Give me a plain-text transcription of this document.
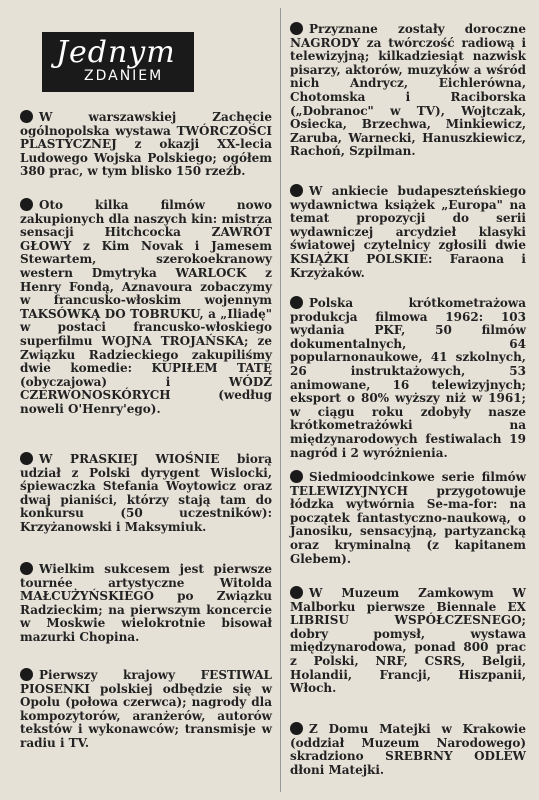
Jednym
ZDANIEM
W warszawskiej Zachęcie ogólnopolska wystawa TWÓRCZOŚCI PLASTYCZNEJ z okazji XX-lecia Ludowego Wojska Polskiego; ogółem 380 prac, w tym blisko 150 rzeźb.
Oto kilka filmów nowo zakupionych dla naszych kin: mistrza sensacji Hitchcocka ZAWRÓT GŁOWY z Kim Novak i Jamesem Stewartem, szerokoekranowy western Dmytryka WARLOCK z Henry Fondą, Aznavoura zobaczymy w francusko-włoskim wojennym TAKSÓWKĄ DO TOBRUKU, a „Iliadę" w postaci francusko-włoskiego superfilmu WOJNA TROJAŃSKA; ze Związku Radzieckiego zakupiliśmy dwie komedie: KUPIŁEM TATĘ (obyczajowa) i WÓDZ CZERWONOSKÓRYCH (według noweli O'Henry'ego).
W PRASKIEJ WIOŚNIE biorą udział z Polski dyrygent Wislocki, śpiewaczka Stefania Woytowicz oraz dwaj pianiści, którzy stają tam do konkursu (50 uczestników): Krzyżanowski i Maksymiuk.
Wielkim sukcesem jest pierwsze tournée artystyczne Witolda MAŁCUŻYŃSKIEGO po Związku Radzieckim; na pierwszym koncercie w Moskwie wielokrotnie bisował mazurki Chopina.
Pierwszy krajowy FESTIWAL PIOSENKI polskiej odbędzie się w Opolu (połowa czerwca); nagrody dla kompozytorów, aranżerów, autorów tekstów i wykonawców; transmisje w radiu i TV.
Przyznane zostały doroczne NAGRODY za twórczość radiową i telewizyjną; kilkadziesiąt nazwisk pisarzy, aktorów, muzyków a wśród nich Andrycz, Eichlerówna, Chotomska i Raciborska („Dobranoc" w TV), Wojtczak, Osiecka, Brzechwa, Minkiewicz, Zaruba, Warnecki, Hanuszkiewicz, Rachoń, Szpilman.
W ankiecie budapeszteńskiego wydawnictwa książek „Europa" na temat propozycji do serii wydawniczej arcydzieł klasyki światowej czytelnicy zgłosili dwie KSIĄŻKI POLSKIE: Faraona i Krzyżaków.
Polska krótkometrażowa produkcja filmowa 1962: 103 wydania PKF, 50 filmów dokumentalnych, 64 popularnonaukowe, 41 szkolnych, 26 instruktażowych, 53 animowane, 16 telewizyjnych; eksport o 80% wyższy niż w 1961; w ciągu roku zdobyły nasze krótkometrażówki na międzynarodowych festiwalach 19 nagród i 2 wyróżnienia.
Siedmioodcinkowe serie filmów TELEWIZYJNYCH przygotowuje łódzka wytwórnia Se-ma-for: na początek fantastyczno-naukową, o Janosiku, sensacyjną, partyzancką oraz kryminalną (z kapitanem Glebem).
W Muzeum Zamkowym W Malborku pierwsze Biennale EX LIBRISU WSPÓŁCZESNEGO; dobry pomysł, wystawa międzynarodowa, ponad 800 prac z Polski, NRF, CSRS, Belgii, Holandii, Francji, Hiszpanii, Włoch.
Z Domu Matejki w Krakowie (oddział Muzeum Narodowego) skradziono SREBRNY ODLEW dłoni Matejki.
